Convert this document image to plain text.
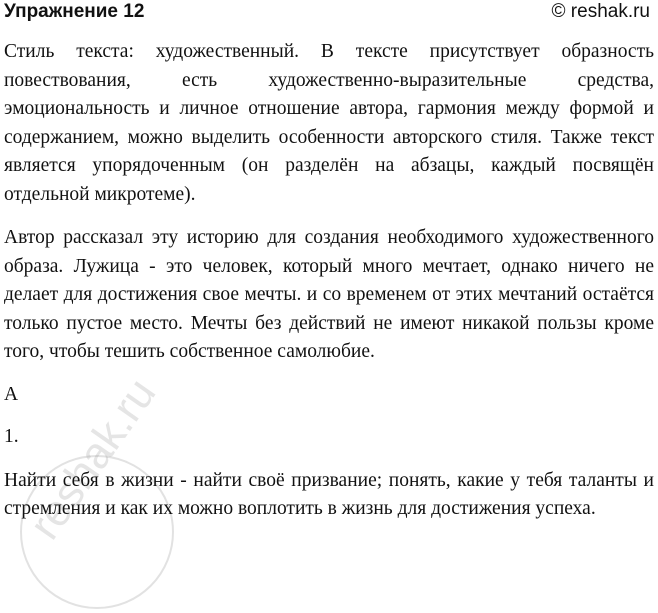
Упражнение 12	© reshak.ru
reshak.ru

Стиль текста: художественный. В тексте присутствует образность повествования, есть художественно-выразительные средства, эмоциональность и личное отношение автора, гармония между формой и содержанием, можно выделить особенности авторского стиля. Также текст является упорядоченным (он разделён на абзацы, каждый посвящён отдельной микротеме).

Автор рассказал эту историю для создания необходимого художественного образа. Лужица - это человек, который много мечтает, однако ничего не делает для достижения свое мечты. и со временем от этих мечтаний остаётся только пустое место. Мечты без действий не имеют никакой пользы кроме того, чтобы тешить собственное самолюбие.

А

1.

Найти себя в жизни - найти своё призвание; понять, какие у тебя таланты и стремления и как их можно воплотить в жизнь для достижения успеха.
